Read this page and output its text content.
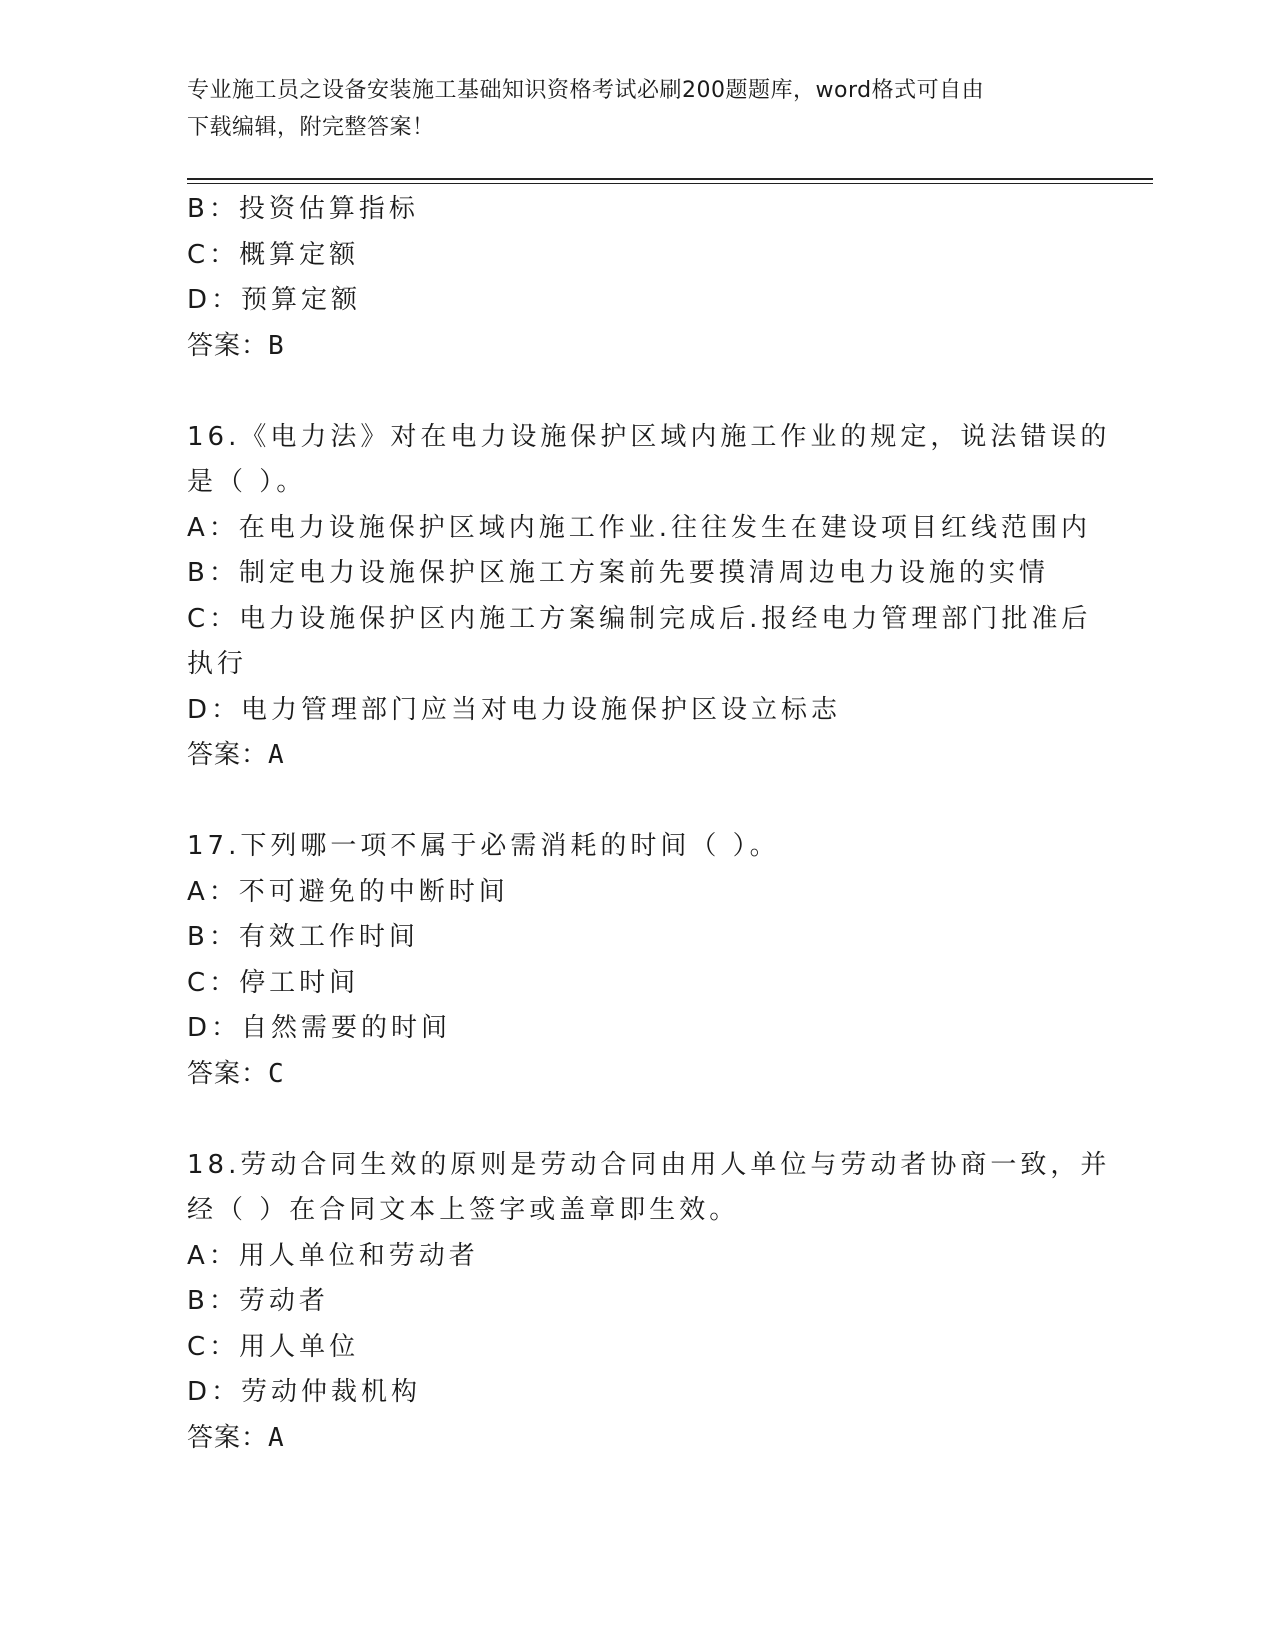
专业施工员之设备安装施工基础知识资格考试必刷200题题库，word格式可自由
下载编辑，附完整答案！
B：投资估算指标
C：概算定额
D：预算定额
答案：B
16.《电力法》对在电力设施保护区域内施工作业的规定，说法错误的
是（ ）。
A：在电力设施保护区域内施工作业.往往发生在建设项目红线范围内
B：制定电力设施保护区施工方案前先要摸清周边电力设施的实情
C：电力设施保护区内施工方案编制完成后.报经电力管理部门批准后
执行
D：电力管理部门应当对电力设施保护区设立标志
答案：A
17.下列哪一项不属于必需消耗的时间（ ）。
A：不可避免的中断时间
B：有效工作时间
C：停工时间
D：自然需要的时间
答案：C
18.劳动合同生效的原则是劳动合同由用人单位与劳动者协商一致，并
经（ ）在合同文本上签字或盖章即生效。
A：用人单位和劳动者
B：劳动者
C：用人单位
D：劳动仲裁机构
答案：A
